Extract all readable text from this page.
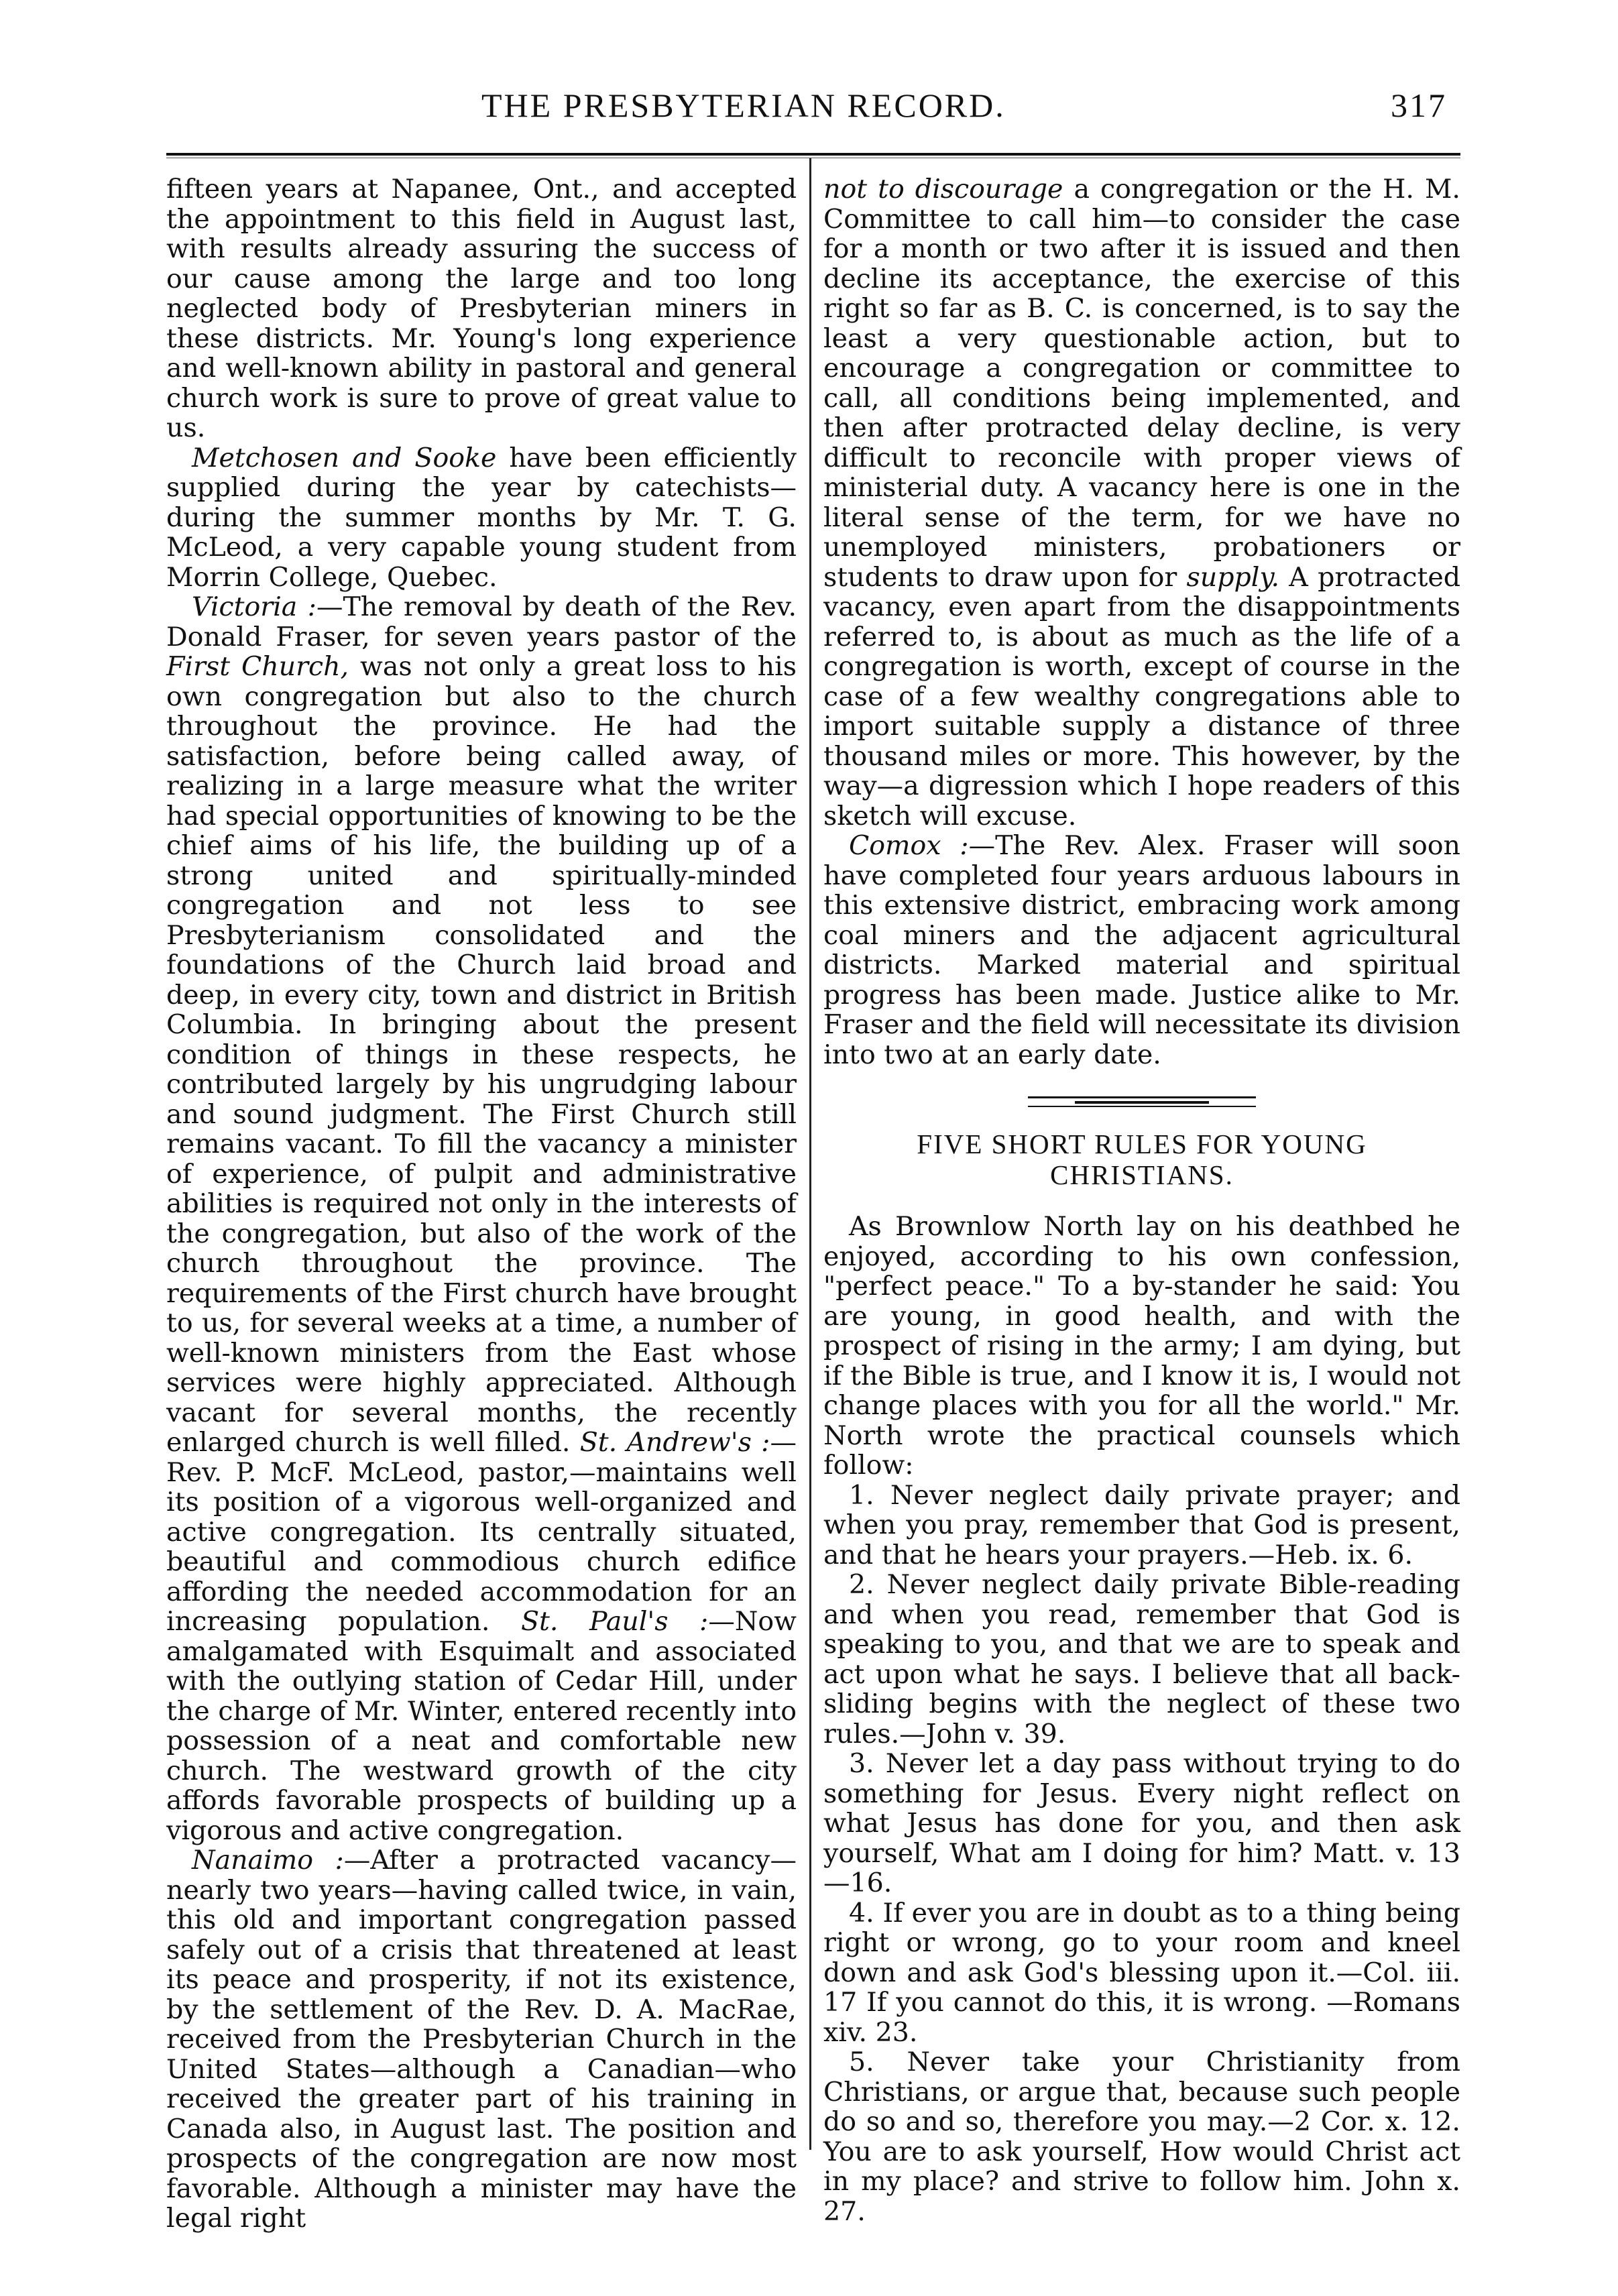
THE PRESBYTERIAN RECORD.	317

fifteen years at Napanee, Ont., and accepted the appointment to this field in August last, with results already assuring the success of our cause among the large and too long neglected body of Presbyterian miners in these districts. Mr. Young's long experience and well-known ability in pastoral and general church work is sure to prove of great value to us.

Metchosen and Sooke have been efficiently supplied during the year by catechists—during the summer months by Mr. T. G. McLeod, a very capable young student from Morrin College, Quebec.

Victoria :—The removal by death of the Rev. Donald Fraser, for seven years pastor of the First Church, was not only a great loss to his own congregation but also to the church throughout the province. He had the satisfaction, before being called away, of realizing in a large measure what the writer had special opportunities of knowing to be the chief aims of his life, the building up of a strong united and spiritually-minded congregation and not less to see Presbyterianism consolidated and the foundations of the Church laid broad and deep, in every city, town and district in British Columbia. In bringing about the present condition of things in these respects, he contributed largely by his ungrudging labour and sound judgment. The First Church still remains vacant. To fill the vacancy a minister of experience, of pulpit and administrative abilities is required not only in the interests of the congregation, but also of the work of the church throughout the province. The requirements of the First church have brought to us, for several weeks at a time, a number of well-known ministers from the East whose services were highly appreciated. Although vacant for several months, the recently enlarged church is well filled. St. Andrew's :—Rev. P. McF. McLeod, pastor,—maintains well its position of a vigorous well-organized and active congregation. Its centrally situated, beautiful and commodious church edifice affording the needed accommodation for an increasing population. St. Paul's :—Now amalgamated with Esquimalt and associated with the outlying station of Cedar Hill, under the charge of Mr. Winter, entered recently into possession of a neat and comfortable new church. The westward growth of the city affords favorable prospects of building up a vigorous and active congregation.

Nanaimo :—After a protracted vacancy—nearly two years—having called twice, in vain, this old and important congregation passed safely out of a crisis that threatened at least its peace and prosperity, if not its existence, by the settlement of the Rev. D. A. MacRae, received from the Presbyterian Church in the United States—although a Canadian—who received the greater part of his training in Canada also, in August last. The position and prospects of the congregation are now most favorable. Although a minister may have the legal right

not to discourage a congregation or the H. M. Committee to call him—to consider the case for a month or two after it is issued and then decline its acceptance, the exercise of this right so far as B. C. is concerned, is to say the least a very questionable action, but to encourage a congregation or committee to call, all conditions being implemented, and then after protracted delay decline, is very difficult to reconcile with proper views of ministerial duty. A vacancy here is one in the literal sense of the term, for we have no unemployed ministers, probationers or students to draw upon for supply. A protracted vacancy, even apart from the disappointments referred to, is about as much as the life of a congregation is worth, except of course in the case of a few wealthy congregations able to import suitable supply a distance of three thousand miles or more. This however, by the way—a digression which I hope readers of this sketch will excuse.

Comox :—The Rev. Alex. Fraser will soon have completed four years arduous labours in this extensive district, embracing work among coal miners and the adjacent agricultural districts. Marked material and spiritual progress has been made. Justice alike to Mr. Fraser and the field will necessitate its division into two at an early date.

FIVE SHORT RULES FOR YOUNG CHRISTIANS.

As Brownlow North lay on his deathbed he enjoyed, according to his own confession, "perfect peace." To a by-stander he said: You are young, in good health, and with the prospect of rising in the army; I am dying, but if the Bible is true, and I know it is, I would not change places with you for all the world." Mr. North wrote the practical counsels which follow:

1. Never neglect daily private prayer; and when you pray, remember that God is present, and that he hears your prayers.—Heb. ix. 6.

2. Never neglect daily private Bible-reading and when you read, remember that God is speaking to you, and that we are to speak and act upon what he says. I believe that all back-sliding begins with the neglect of these two rules.—John v. 39.

3. Never let a day pass without trying to do something for Jesus. Every night reflect on what Jesus has done for you, and then ask yourself, What am I doing for him? Matt. v. 13—16.

4. If ever you are in doubt as to a thing being right or wrong, go to your room and kneel down and ask God's blessing upon it.—Col. iii. 17 If you cannot do this, it is wrong. —Romans xiv. 23.

5. Never take your Christianity from Christians, or argue that, because such people do so and so, therefore you may.—2 Cor. x. 12. You are to ask yourself, How would Christ act in my place? and strive to follow him. John x. 27.
